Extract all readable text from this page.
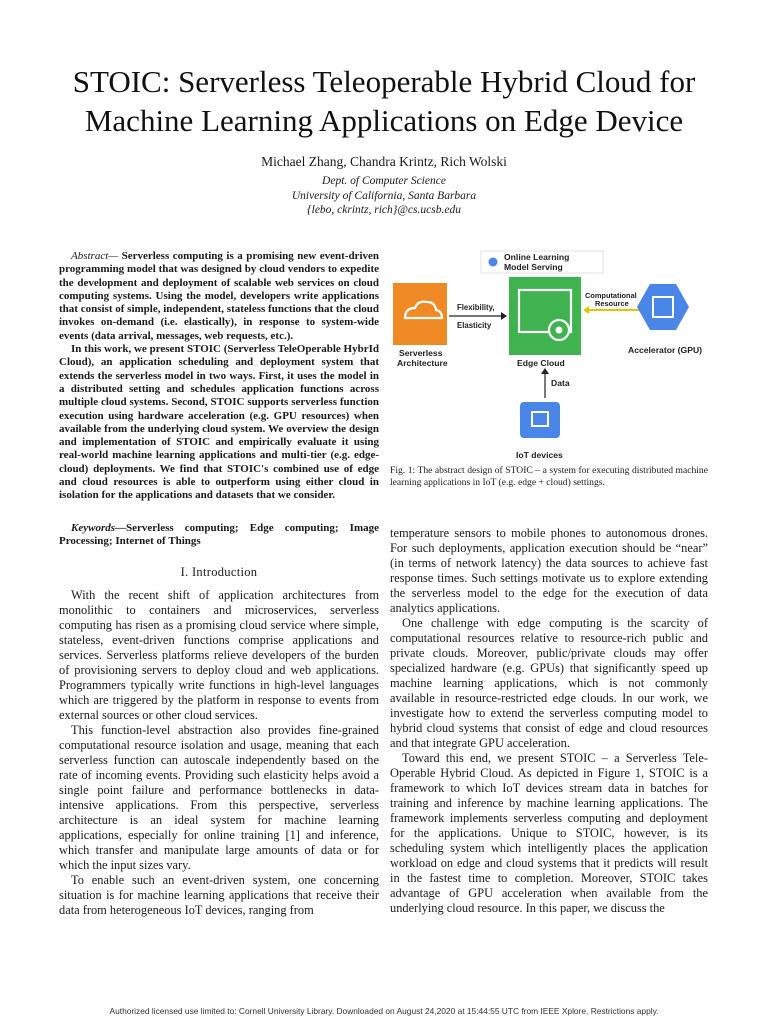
STOIC: Serverless Teleoperable Hybrid Cloud for
Machine Learning Applications on Edge Device
Michael Zhang, Chandra Krintz, Rich Wolski
Dept. of Computer Science
University of California, Santa Barbara
{lebo, ckrintz, rich}@cs.ucsb.edu

Abstract— Serverless computing is a promising new event-driven programming model that was designed by cloud vendors to expedite the development and deployment of scalable web services on cloud computing systems. Using the model, developers write applications that consist of simple, independent, stateless functions that the cloud invokes on-demand (i.e. elastically), in response to system-wide events (data arrival, messages, web requests, etc.).

In this work, we present STOIC (Serverless TeleOperable HybrId Cloud), an application scheduling and deployment system that extends the serverless model in two ways. First, it uses the model in a distributed setting and schedules application functions across multiple cloud systems. Second, STOIC supports serverless function execution using hardware acceleration (e.g. GPU resources) when available from the underlying cloud system. We overview the design and implementation of STOIC and empirically evaluate it using real-world machine learning applications and multi-tier (e.g. edge-cloud) deployments. We find that STOIC's combined use of edge and cloud resources is able to outperform using either cloud in isolation for the applications and datasets that we consider.

Keywords—Serverless computing; Edge computing; Image Processing; Internet of Things

I. Introduction

With the recent shift of application architectures from monolithic to containers and microservices, serverless computing has risen as a promising cloud service where simple, stateless, event-driven functions comprise applications and services. Serverless platforms relieve developers of the burden of provisioning servers to deploy cloud and web applications. Programmers typically write functions in high-level languages which are triggered by the platform in response to events from external sources or other cloud services.

This function-level abstraction also provides fine-grained computational resource isolation and usage, meaning that each serverless function can autoscale independently based on the rate of incoming events. Providing such elasticity helps avoid a single point failure and performance bottlenecks in data-intensive applications. From this perspective, serverless architecture is an ideal system for machine learning applications, especially for online training [1] and inference, which transfer and manipulate large amounts of data or for which the input sizes vary.

To enable such an event-driven system, one concerning situation is for machine learning applications that receive their data from heterogeneous IoT devices, ranging from

Online Learning
Model Serving
Serverless
Architecture
Flexibility,
Elasticity
Edge Cloud
Computational
Resource
Accelerator (GPU)
Data
IoT devices
Fig. 1: The abstract design of STOIC – a system for executing distributed machine learning applications in IoT (e.g. edge + cloud) settings.

temperature sensors to mobile phones to autonomous drones. For such deployments, application execution should be “near” (in terms of network latency) the data sources to achieve fast response times. Such settings motivate us to explore extending the serverless model to the edge for the execution of data analytics applications.

One challenge with edge computing is the scarcity of computational resources relative to resource-rich public and private clouds. Moreover, public/private clouds may offer specialized hardware (e.g. GPUs) that significantly speed up machine learning applications, which is not commonly available in resource-restricted edge clouds. In our work, we investigate how to extend the serverless computing model to hybrid cloud systems that consist of edge and cloud resources and that integrate GPU acceleration.

Toward this end, we present STOIC – a Serverless Tele-Operable Hybrid Cloud. As depicted in Figure 1, STOIC is a framework to which IoT devices stream data in batches for training and inference by machine learning applications. The framework implements serverless computing and deployment for the applications. Unique to STOIC, however, is its scheduling system which intelligently places the application workload on edge and cloud systems that it predicts will result in the fastest time to completion. Moreover, STOIC takes advantage of GPU acceleration when available from the underlying cloud resource. In this paper, we discuss the

Authorized licensed use limited to: Cornell University Library. Downloaded on August 24,2020 at 15:44:55 UTC from IEEE Xplore. Restrictions apply.
